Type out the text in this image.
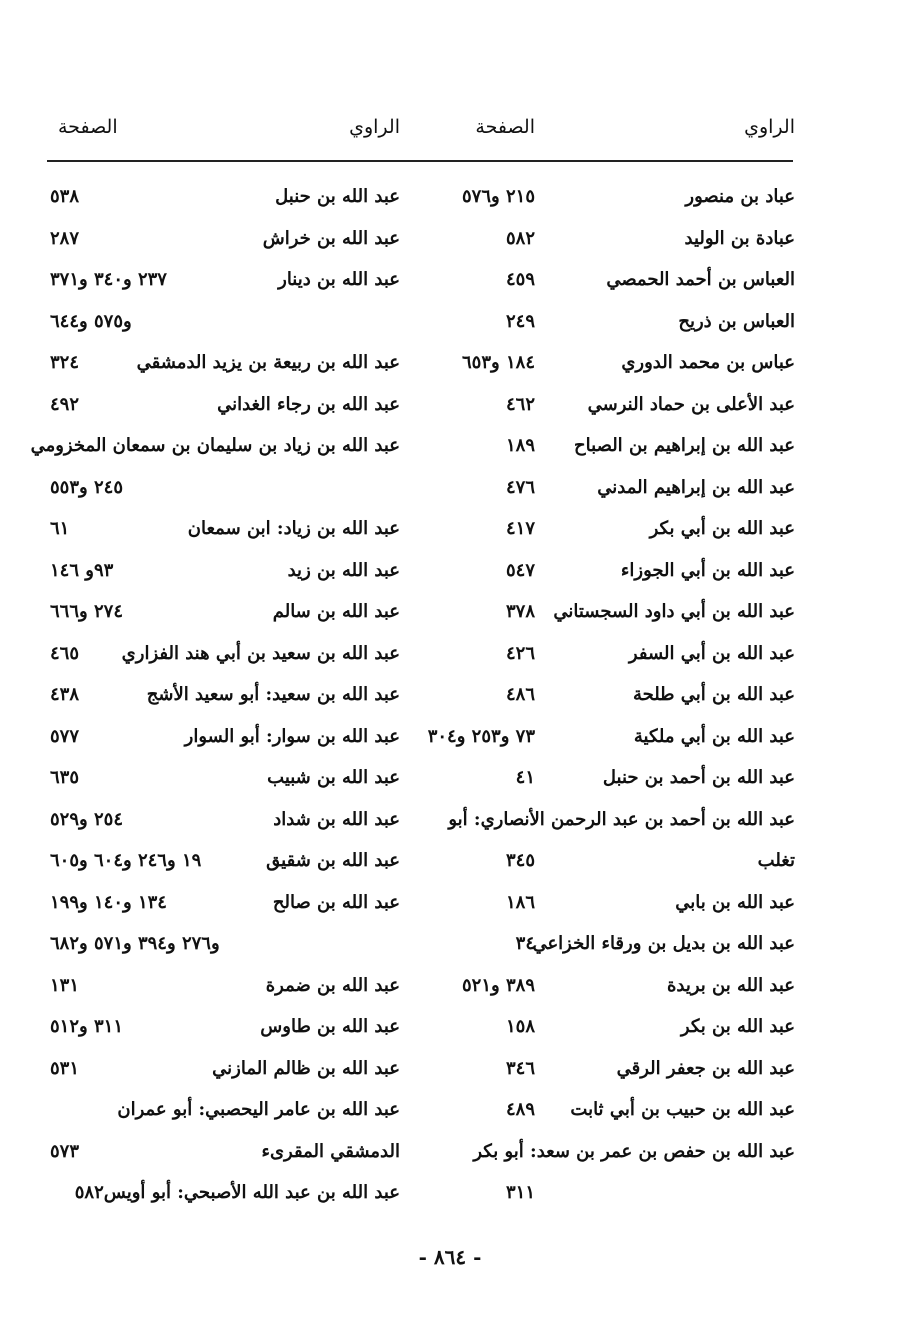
الراوي
الصفحة
الراوي
الصفحة
عباد بن منصور
٢١٥ و٥٧٦
عبد الله بن حنبل
٥٣٨
عبادة بن الوليد
٥٨٢
عبد الله بن خراش
٢٨٧
العباس بن أحمد الحمصي
٤٥٩
عبد الله بن دينار
٢٣٧ و٣٤٠ و٣٧١
العباس بن ذريح
٢٤٩
و٥٧٥ و٦٤٤
عباس بن محمد الدوري
١٨٤ و٦٥٣
عبد الله بن ربيعة بن يزيد الدمشقي
٣٢٤
عبد الأعلى بن حماد النرسي
٤٦٢
عبد الله بن رجاء الغداني
٤٩٢
عبد الله بن إبراهيم بن الصباح
١٨٩
عبد الله بن زياد بن سليمان بن سمعان المخزومي
عبد الله بن إبراهيم المدني
٤٧٦
٢٤٥ و٥٥٣
عبد الله بن أبي بكر
٤١٧
عبد الله بن زياد: ابن سمعان
٦١
عبد الله بن أبي الجوزاء
٥٤٧
عبد الله بن زيد
٩٣و ١٤٦
عبد الله بن أبي داود السجستاني
٣٧٨
عبد الله بن سالم
٢٧٤ و٦٦٦
عبد الله بن أبي السفر
٤٢٦
عبد الله بن سعيد بن أبي هند الفزاري
٤٦٥
عبد الله بن أبي طلحة
٤٨٦
عبد الله بن سعيد: أبو سعيد الأشج
٤٣٨
عبد الله بن أبي ملكية
٧٣ و٢٥٣ و٣٠٤
عبد الله بن سوار: أبو السوار
٥٧٧
عبد الله بن أحمد بن حنبل
٤١
عبد الله بن شبيب
٦٣٥
عبد الله بن أحمد بن عبد الرحمن الأنصاري: أبو
عبد الله بن شداد
٢٥٤ و٥٢٩
تغلب
٣٤٥
عبد الله بن شقيق
١٩ و٢٤٦ و٦٠٤ و٦٠٥
عبد الله بن بابي
١٨٦
عبد الله بن صالح
١٣٤ و١٤٠ و١٩٩
عبد الله بن بديل بن ورقاء الخزاعي
٣٤
و٢٧٦ و٣٩٤ و٥٧١ و٦٨٢
عبد الله بن بريدة
٣٨٩ و٥٢١
عبد الله بن ضمرة
١٣١
عبد الله بن بكر
١٥٨
عبد الله بن طاوس
٣١١ و٥١٢
عبد الله بن جعفر الرقي
٣٤٦
عبد الله بن ظالم المازني
٥٣١
عبد الله بن حبيب بن أبي ثابت
٤٨٩
عبد الله بن عامر اليحصبي: أبو عمران
عبد الله بن حفص بن عمر بن سعد: أبو بكر
الدمشقي المقرىء
٥٧٣
٣١١
عبد الله بن عبد الله الأصبحي: أبو أويس٥٨٢
- ٨٦٤ -
